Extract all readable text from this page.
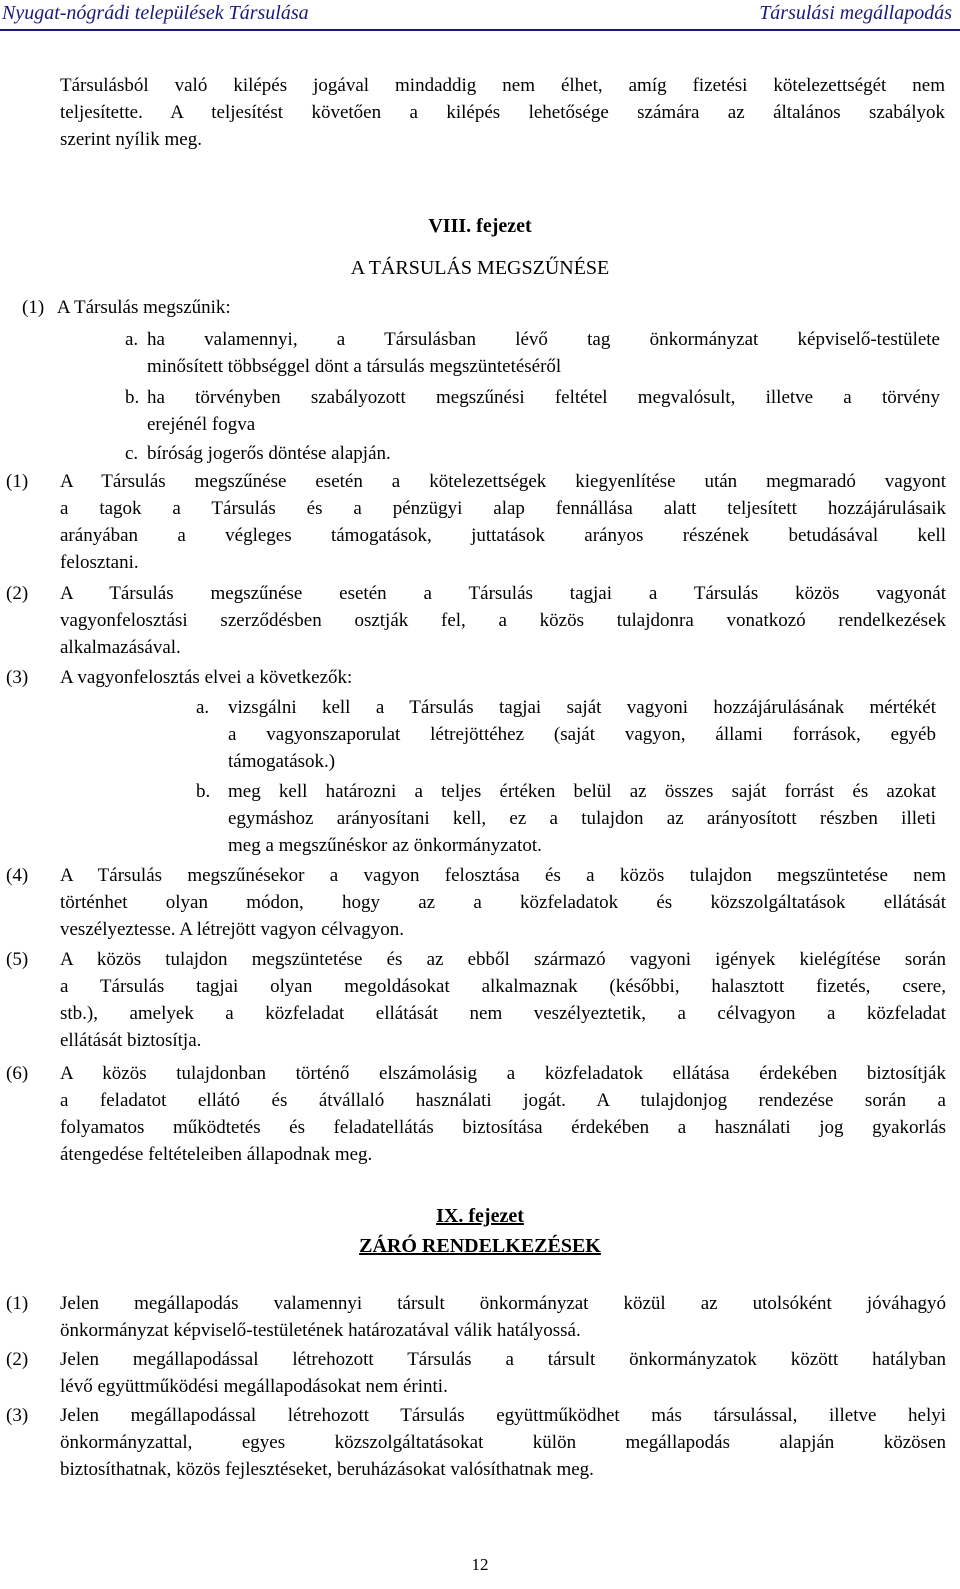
Nyugat-nógrádi települések Társulása	Társulási megállapodás
Társulásból való kilépés jogával mindaddig nem élhet, amíg fizetési kötelezettségét nem
teljesítette. A teljesítést követően a kilépés lehetősége számára az általános szabályok
szerint nyílik meg.
VIII. fejezet
A TÁRSULÁS MEGSZŰNÉSE
(1) A Társulás megszűnik:
a. ha valamennyi, a Társulásban lévő tag önkormányzat képviselő-testülete
minősített többséggel dönt a társulás megszüntetéséről
b. ha törvényben szabályozott megszűnési feltétel megvalósult, illetve a törvény
erejénél fogva
c. bíróság jogerős döntése alapján.
(1) A Társulás megszűnése esetén a kötelezettségek kiegyenlítése után megmaradó vagyont
a tagok a Társulás és a pénzügyi alap fennállása alatt teljesített hozzájárulásaik
arányában a végleges támogatások, juttatások arányos részének betudásával kell
felosztani.
(2) A Társulás megszűnése esetén a Társulás tagjai a Társulás közös vagyonát
vagyonfelosztási szerződésben osztják fel, a közös tulajdonra vonatkozó rendelkezések
alkalmazásával.
(3) A vagyonfelosztás elvei a következők:
a. vizsgálni kell a Társulás tagjai saját vagyoni hozzájárulásának mértékét
a vagyonszaporulat létrejöttéhez (saját vagyon, állami források, egyéb
támogatások.)
b. meg kell határozni a teljes értéken belül az összes saját forrást és azokat
egymáshoz arányosítani kell, ez a tulajdon az arányosított részben illeti
meg a megszűnéskor az önkormányzatot.
(4) A Társulás megszűnésekor a vagyon felosztása és a közös tulajdon megszüntetése nem
történhet olyan módon, hogy az a közfeladatok és közszolgáltatások ellátását
veszélyeztesse. A létrejött vagyon célvagyon.
(5) A közös tulajdon megszüntetése és az ebből származó vagyoni igények kielégítése során
a Társulás tagjai olyan megoldásokat alkalmaznak (későbbi, halasztott fizetés, csere,
stb.), amelyek a közfeladat ellátását nem veszélyeztetik, a célvagyon a közfeladat
ellátását biztosítja.
(6) A közös tulajdonban történő elszámolásig a közfeladatok ellátása érdekében biztosítják
a feladatot ellátó és átvállaló használati jogát. A tulajdonjog rendezése során a
folyamatos működtetés és feladatellátás biztosítása érdekében a használati jog gyakorlás
átengedése feltételeiben állapodnak meg.
IX. fejezet
ZÁRÓ RENDELKEZÉSEK
(1) Jelen megállapodás valamennyi társult önkormányzat közül az utolsóként jóváhagyó
önkormányzat képviselő-testületének határozatával válik hatályossá.
(2) Jelen megállapodással létrehozott Társulás a társult önkormányzatok között hatályban
lévő együttműködési megállapodásokat nem érinti.
(3) Jelen megállapodással létrehozott Társulás együttműködhet más társulással, illetve helyi
önkormányzattal, egyes közszolgáltatásokat külön megállapodás alapján közösen
biztosíthatnak, közös fejlesztéseket, beruházásokat valósíthatnak meg.
12
